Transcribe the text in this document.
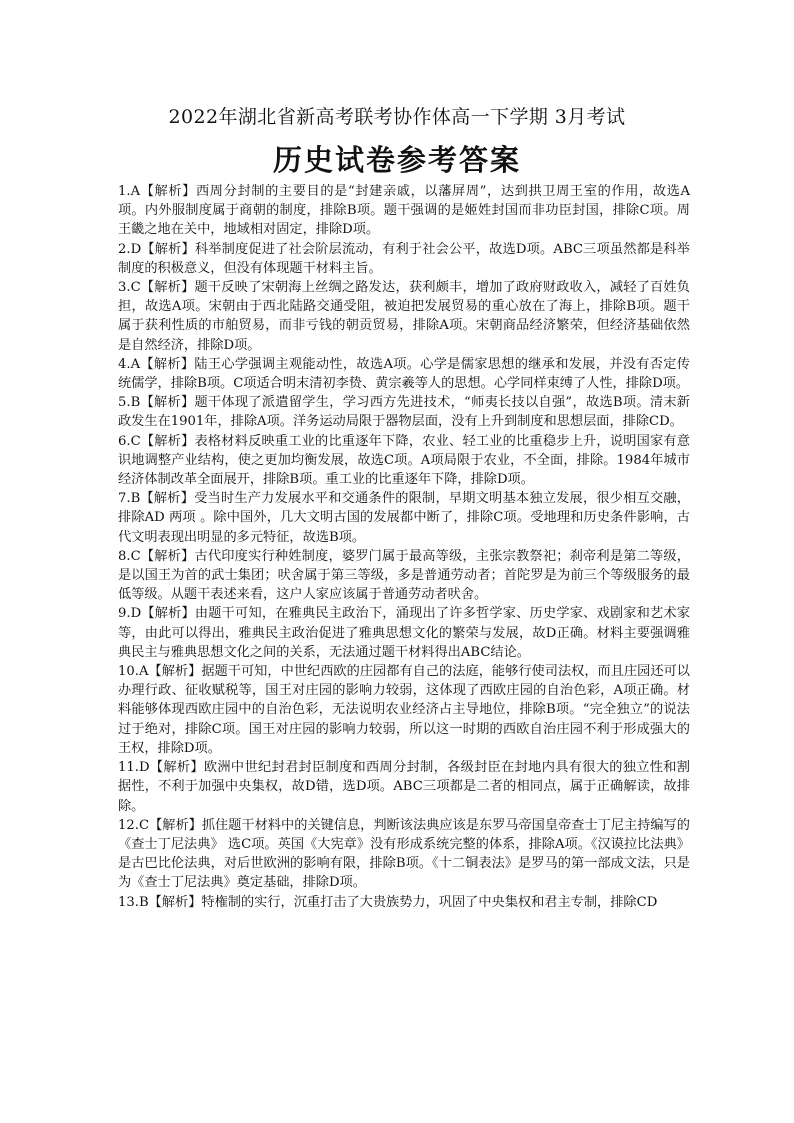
2022年湖北省新高考联考协作体高一下学期 3月考试
历史试卷参考答案

1.A【解析】西周分封制的主要目的是“封建亲戚，以藩屏周”，达到拱卫周王室的作用，故选A项。内外服制度属于商朝的制度，排除B项。题干强调的是姬姓封国而非功臣封国，排除C项。周王畿之地在关中，地域相对固定，排除D项。

2.D【解析】科举制度促进了社会阶层流动，有利于社会公平，故选D项。ABC三项虽然都是科举制度的积极意义，但没有体现题干材料主旨。

3.C【解析】题干反映了宋朝海上丝绸之路发达，获利颇丰，增加了政府财政收入，减轻了百姓负担，故选A项。宋朝由于西北陆路交通受阻，被迫把发展贸易的重心放在了海上，排除B项。题干属于获利性质的市舶贸易，而非亏钱的朝贡贸易，排除A项。宋朝商品经济繁荣，但经济基础依然是自然经济，排除D项。

4.A【解析】陆王心学强调主观能动性，故选A项。心学是儒家思想的继承和发展，并没有否定传统儒学，排除B项。C项适合明末清初李贽、黄宗羲等人的思想。心学同样束缚了人性，排除D项。

5.B【解析】题干体现了派遣留学生，学习西方先进技术，“师夷长技以自强”，故选B项。清末新政发生在1901年，排除A项。洋务运动局限于器物层面，没有上升到制度和思想层面，排除CD。

6.C【解析】表格材料反映重工业的比重逐年下降，农业、轻工业的比重稳步上升，说明国家有意识地调整产业结构，使之更加均衡发展，故选C项。A项局限于农业，不全面，排除。1984年城市经济体制改革全面展开，排除B项。重工业的比重逐年下降，排除D项。

7.B【解析】受当时生产力发展水平和交通条件的限制，早期文明基本独立发展，很少相互交融，排除AD 两项 。除中国外，几大文明古国的发展都中断了，排除C项。受地理和历史条件影响，古代文明表现出明显的多元特征，故选B项。

8.C【解析】古代印度实行种姓制度，婆罗门属于最高等级，主张宗教祭祀；刹帝利是第二等级，是以国王为首的武士集团；吠舍属于第三等级，多是普通劳动者；首陀罗是为前三个等级服务的最低等级。从题干表述来看，这户人家应该属于普通劳动者吠舍。

9.D【解析】由题干可知，在雅典民主政治下，涌现出了许多哲学家、历史学家、戏剧家和艺术家等，由此可以得出，雅典民主政治促进了雅典思想文化的繁荣与发展，故D正确。材料主要强调雅典民主与雅典思想文化之间的关系，无法通过题干材料得出ABC结论。

10.A【解析】据题干可知，中世纪西欧的庄园都有自己的法庭，能够行使司法权，而且庄园还可以办理行政、征收赋税等，国王对庄园的影响力较弱，这体现了西欧庄园的自治色彩，A项正确。材料能够体现西欧庄园中的自治色彩，无法说明农业经济占主导地位，排除B项。“完全独立”的说法过于绝对，排除C项。国王对庄园的影响力较弱，所以这一时期的西欧自治庄园不利于形成强大的王权，排除D项。

11.D【解析】欧洲中世纪封君封臣制度和西周分封制，各级封臣在封地内具有很大的独立性和割据性，不利于加强中央集权，故D错，选D项。ABC三项都是二者的相同点，属于正确解读，故排除。

12.C【解析】抓住题干材料中的关键信息，判断该法典应该是东罗马帝国皇帝查士丁尼主持编写的《查士丁尼法典》 选C项。英国《大宪章》没有形成系统完整的体系，排除A项。《汉谟拉比法典》是古巴比伦法典，对后世欧洲的影响有限，排除B项。《十二铜表法》是罗马的第一部成文法，只是为《查士丁尼法典》奠定基础，排除D项。

13.B【解析】特権制的实行，沉重打击了大贵族势力，巩固了中央集权和君主专制，排除CD
